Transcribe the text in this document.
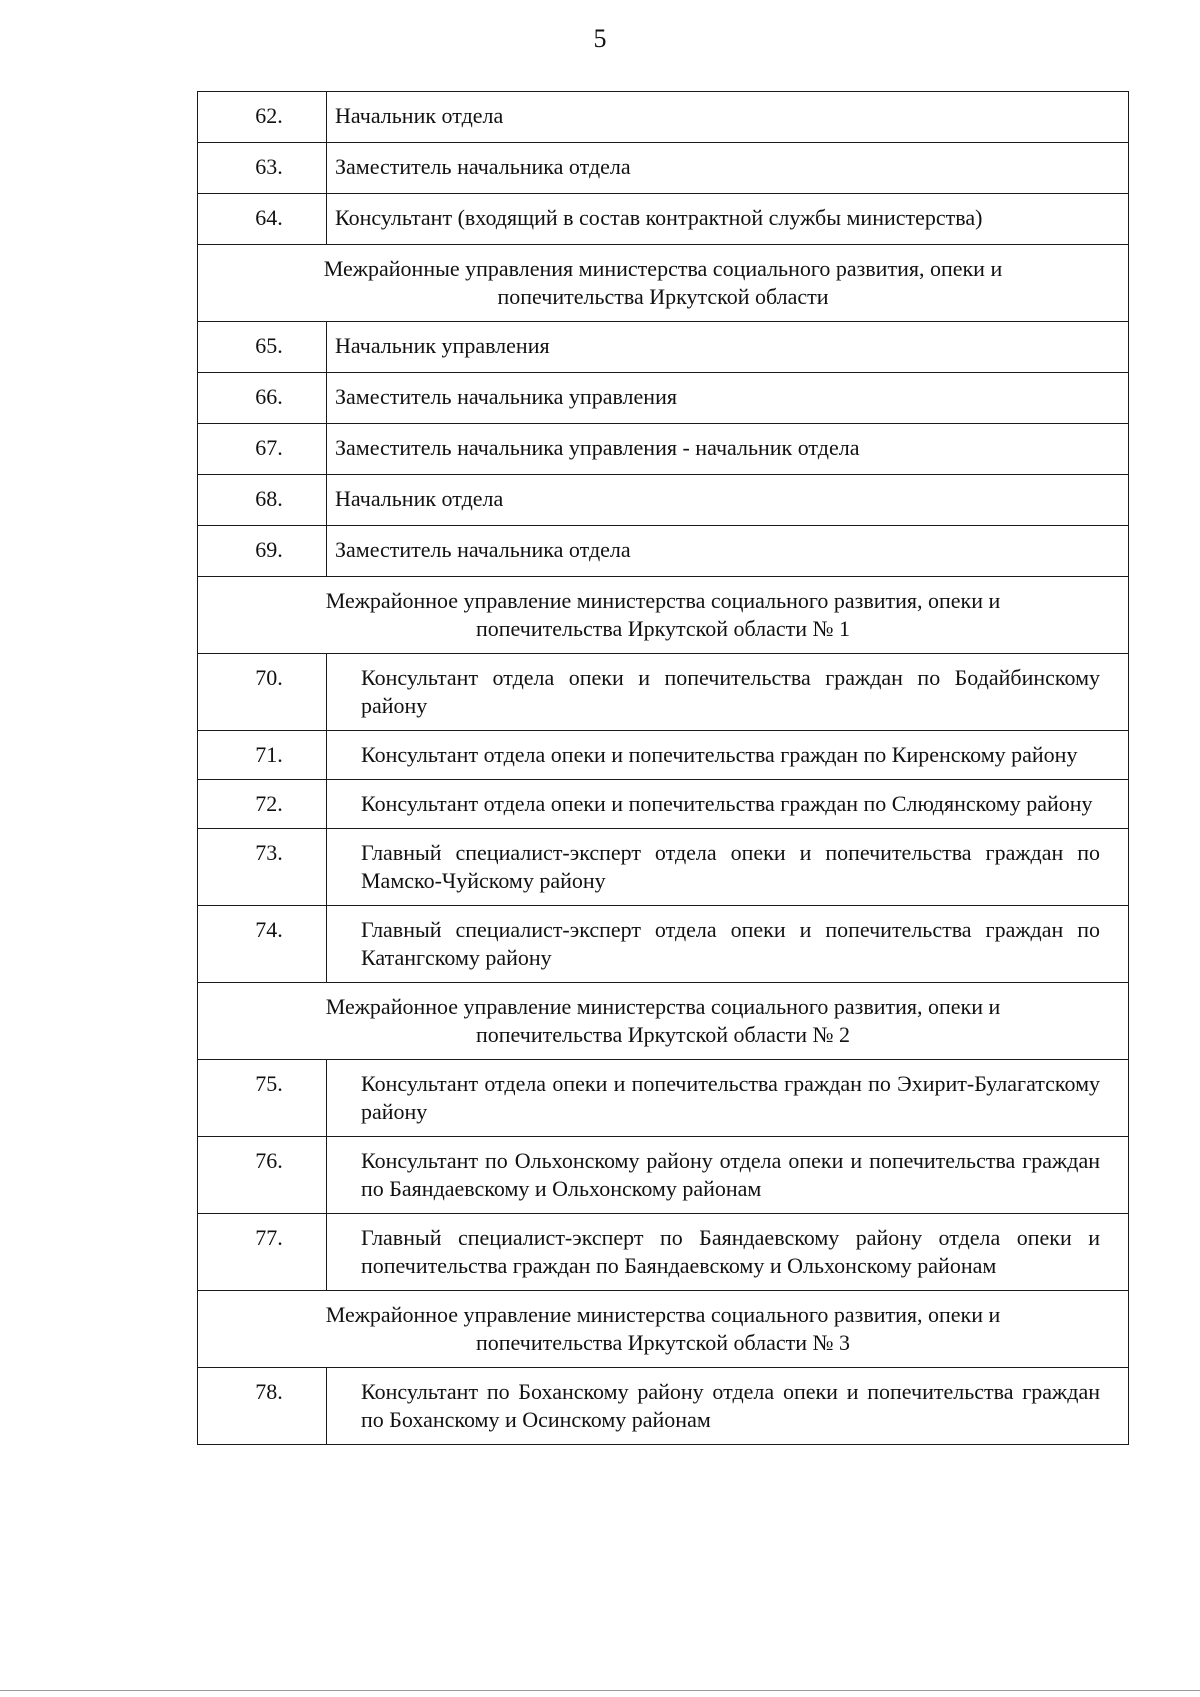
5
62.	Начальник отдела
63.	Заместитель начальника отдела
64.	Консультант (входящий в состав контрактной службы министерства)

Межрайонные управления министерства социального развития, опеки и
попечительства Иркутской области	

65.	Начальник управления
66.	Заместитель начальника управления
67.	Заместитель начальника управления - начальник отдела
68.	Начальник отдела
69.	Заместитель начальника отдела

Межрайонное управление министерства социального развития, опеки и
попечительства Иркутской области № 1	

70.	Консультант отдела опеки и попечительства граждан по Бодайбинскому району
71.	Консультант отдела опеки и попечительства граждан по Киренскому району
72.	Консультант отдела опеки и попечительства граждан по Слюдянскому району
73.	Главный специалист-эксперт отдела опеки и попечительства граждан по Мамско-Чуйскому району
74.	Главный специалист-эксперт отдела опеки и попечительства граждан по Катангскому району

Межрайонное управление министерства социального развития, опеки и
попечительства Иркутской области № 2	

75.	Консультант отдела опеки и попечительства граждан по Эхирит-Булагатскому району
76.	Консультант по Ольхонскому району отдела опеки и попечительства граждан по Баяндаевскому и Ольхонскому районам
77.	Главный специалист-эксперт по Баяндаевскому району отдела опеки и попечительства граждан по Баяндаевскому и Ольхонскому районам

Межрайонное управление министерства социального развития, опеки и
попечительства Иркутской области № 3	

78.	Консультант по Боханскому району отдела опеки и попечительства граждан по Боханскому и Осинскому районам
